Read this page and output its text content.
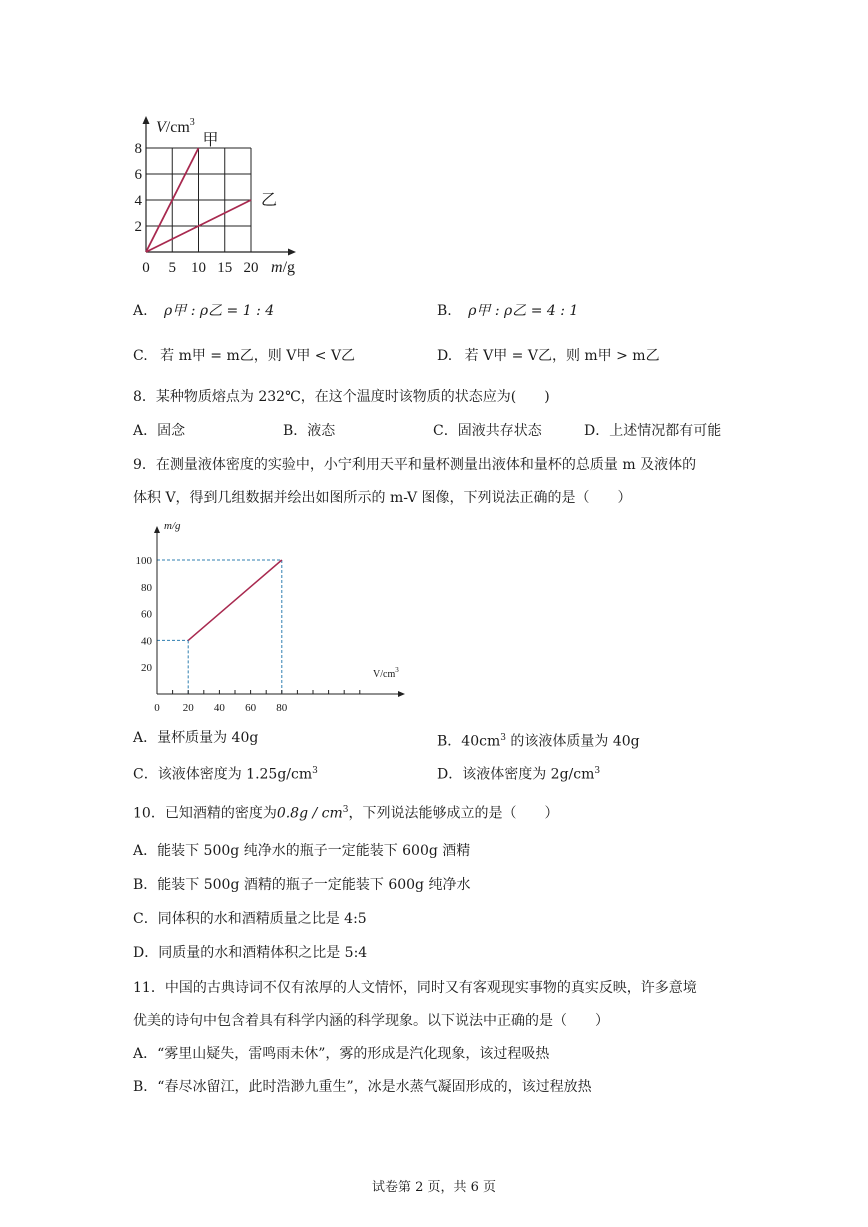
甲
乙
0 5 10 15 20
2
4
6
8
$V/cm^3$
m/g
A. ρ甲 : ρ乙 = 1 : 4	B. ρ甲 : ρ乙 = 4 : 1
C. 若 m甲 = m乙，则 V甲 < V乙	D. 若 V甲 = V乙，则 m甲 > m乙
8．某种物质熔点为 232℃，在这个温度时该物质的状态应为(　　)
A．固念	B．液态	C．固液共存状态	D．上述情况都有可能
9．在测量液体密度的实验中，小宁利用天平和量杯测量出液体和量杯的总质量 m 及液体的
体积 V，得到几组数据并绘出如图所示的 m-V 图像，下列说法正确的是（　　）
0 20 40 60 80
20
40
60
80
100
m/g
$V/cm^3$
A．量杯质量为 40g	B．$40cm^3$ 的该液体质量为 40g
C．该液体密度为 $1.25g/cm^3$	D．该液体密度为 $2g/cm^3$
10．已知酒精的密度为$0.8g / cm^3$，下列说法能够成立的是（　　）
A．能装下 500g 纯净水的瓶子一定能装下 600g 酒精
B．能装下 500g 酒精的瓶子一定能装下 600g 纯净水
C．同体积的水和酒精质量之比是 4:5
D．同质量的水和酒精体积之比是 5:4
11．中国的古典诗词不仅有浓厚的人文情怀，同时又有客观现实事物的真实反映，许多意境
优美的诗句中包含着具有科学内涵的科学现象。以下说法中正确的是（　　）
A．“雾里山疑失，雷鸣雨未休”，雾的形成是汽化现象，该过程吸热
B．“春尽冰留江，此时浩渺九重生”，冰是水蒸气凝固形成的，该过程放热
试卷第 2 页，共 6 页
